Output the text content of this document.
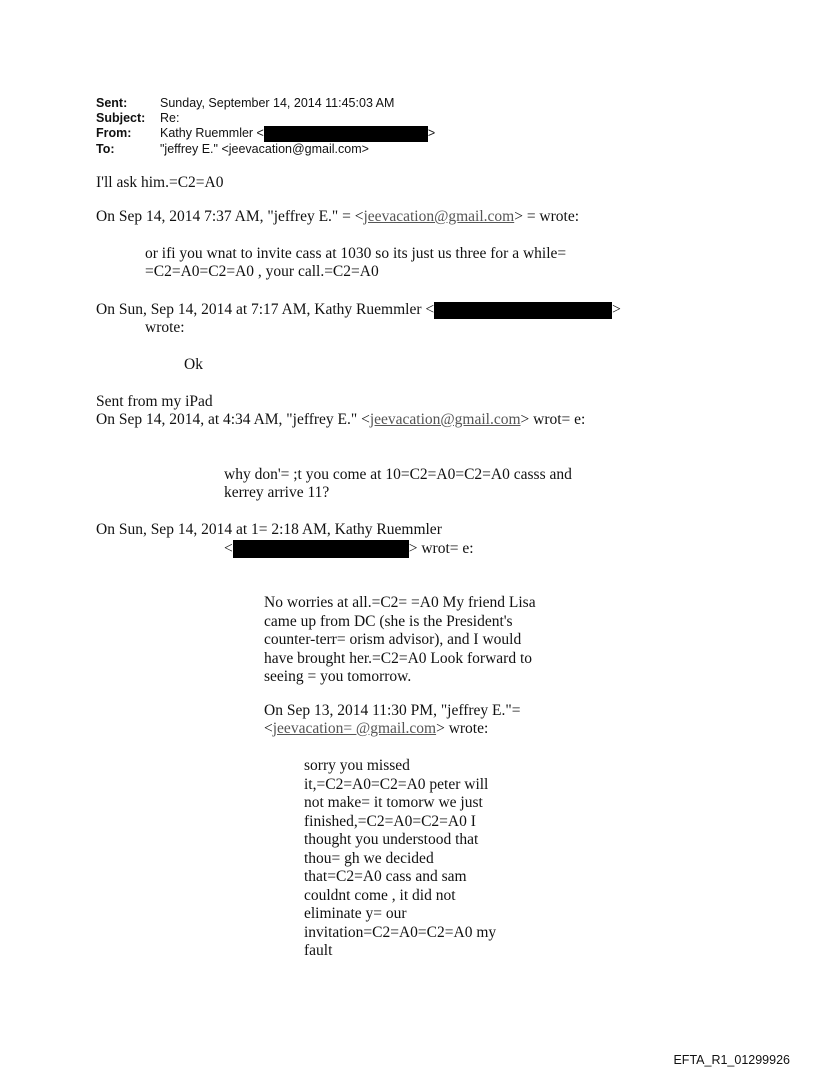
Sent:	Sunday, September 14, 2014 11:45:03 AM
Subject:	Re:
From:	Kathy Ruemmler <	>
To:	"jeffrey E." <jeevacation@gmail.com>
I'll ask him.=C2=A0
On Sep 14, 2014 7:37 AM, "jeffrey E." = <jeevacation@gmail.com> = wrote:
or ifi you wnat to invite cass at 1030 so its just us three for a while=
=C2=A0=C2=A0 , your call.=C2=A0
On Sun, Sep 14, 2014 at 7:17 AM, Kathy Ruemmler <	>
wrote:
Ok
Sent from my iPad
On Sep 14, 2014, at 4:34 AM, "jeffrey E." <jeevacation@gmail.com> wrot= e:
why don'= ;t you come at 10=C2=A0=C2=A0 casss and
kerrey arrive 11?
On Sun, Sep 14, 2014 at 1= 2:18 AM, Kathy Ruemmler
<	> wrot= e:
No worries at all.=C2= =A0 My friend Lisa
came up from DC (she is the President's
counter-terr= orism advisor), and I would
have brought her.=C2=A0 Look forward to
seeing = you tomorrow.
On Sep 13, 2014 11:30 PM, "jeffrey E."=
<jeevacation= @gmail.com> wrote:
sorry you missed
it,=C2=A0=C2=A0 peter will
not make= it tomorw we just
finished,=C2=A0=C2=A0 I
thought you understood that
thou= gh we decided
that=C2=A0 cass and sam
couldnt come , it did not
eliminate y= our
invitation=C2=A0=C2=A0 my
fault
EFTA_R1_01299926
